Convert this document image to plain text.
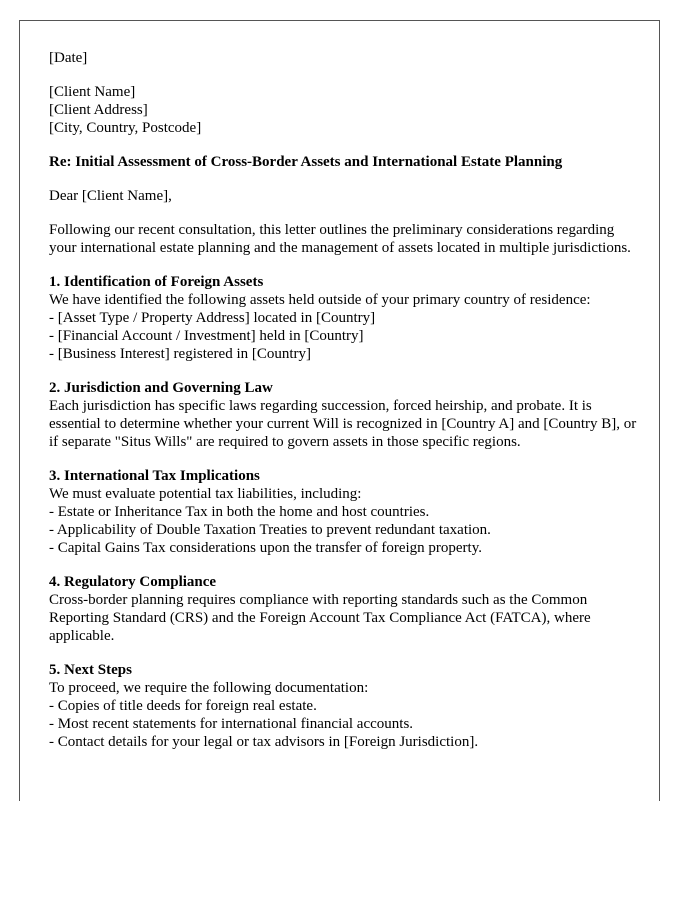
[Date]

[Client Name]

[Client Address]

[City, Country, Postcode]

Re: Initial Assessment of Cross-Border Assets and International Estate Planning

Dear [Client Name],

Following our recent consultation, this letter outlines the preliminary considerations regarding your international estate planning and the management of assets located in multiple jurisdictions.

1. Identification of Foreign Assets
We have identified the following assets held outside of your primary country of residence:
- [Asset Type / Property Address] located in [Country]
- [Financial Account / Investment] held in [Country]
- [Business Interest] registered in [Country]
2. Jurisdiction and Governing Law

Each jurisdiction has specific laws regarding succession, forced heirship, and probate. It is essential to determine whether your current Will is recognized in [Country A] and [Country B], or if separate "Situs Wills" are required to govern assets in those specific regions.

3. International Tax Implications
We must evaluate potential tax liabilities, including:
- Estate or Inheritance Tax in both the home and host countries.
- Applicability of Double Taxation Treaties to prevent redundant taxation.
- Capital Gains Tax considerations upon the transfer of foreign property.
4. Regulatory Compliance

Cross-border planning requires compliance with reporting standards such as the Common Reporting Standard (CRS) and the Foreign Account Tax Compliance Act (FATCA), where applicable.

5. Next Steps
To proceed, we require the following documentation:
- Copies of title deeds for foreign real estate.
- Most recent statements for international financial accounts.
- Contact details for your legal or tax advisors in [Foreign Jurisdiction].
